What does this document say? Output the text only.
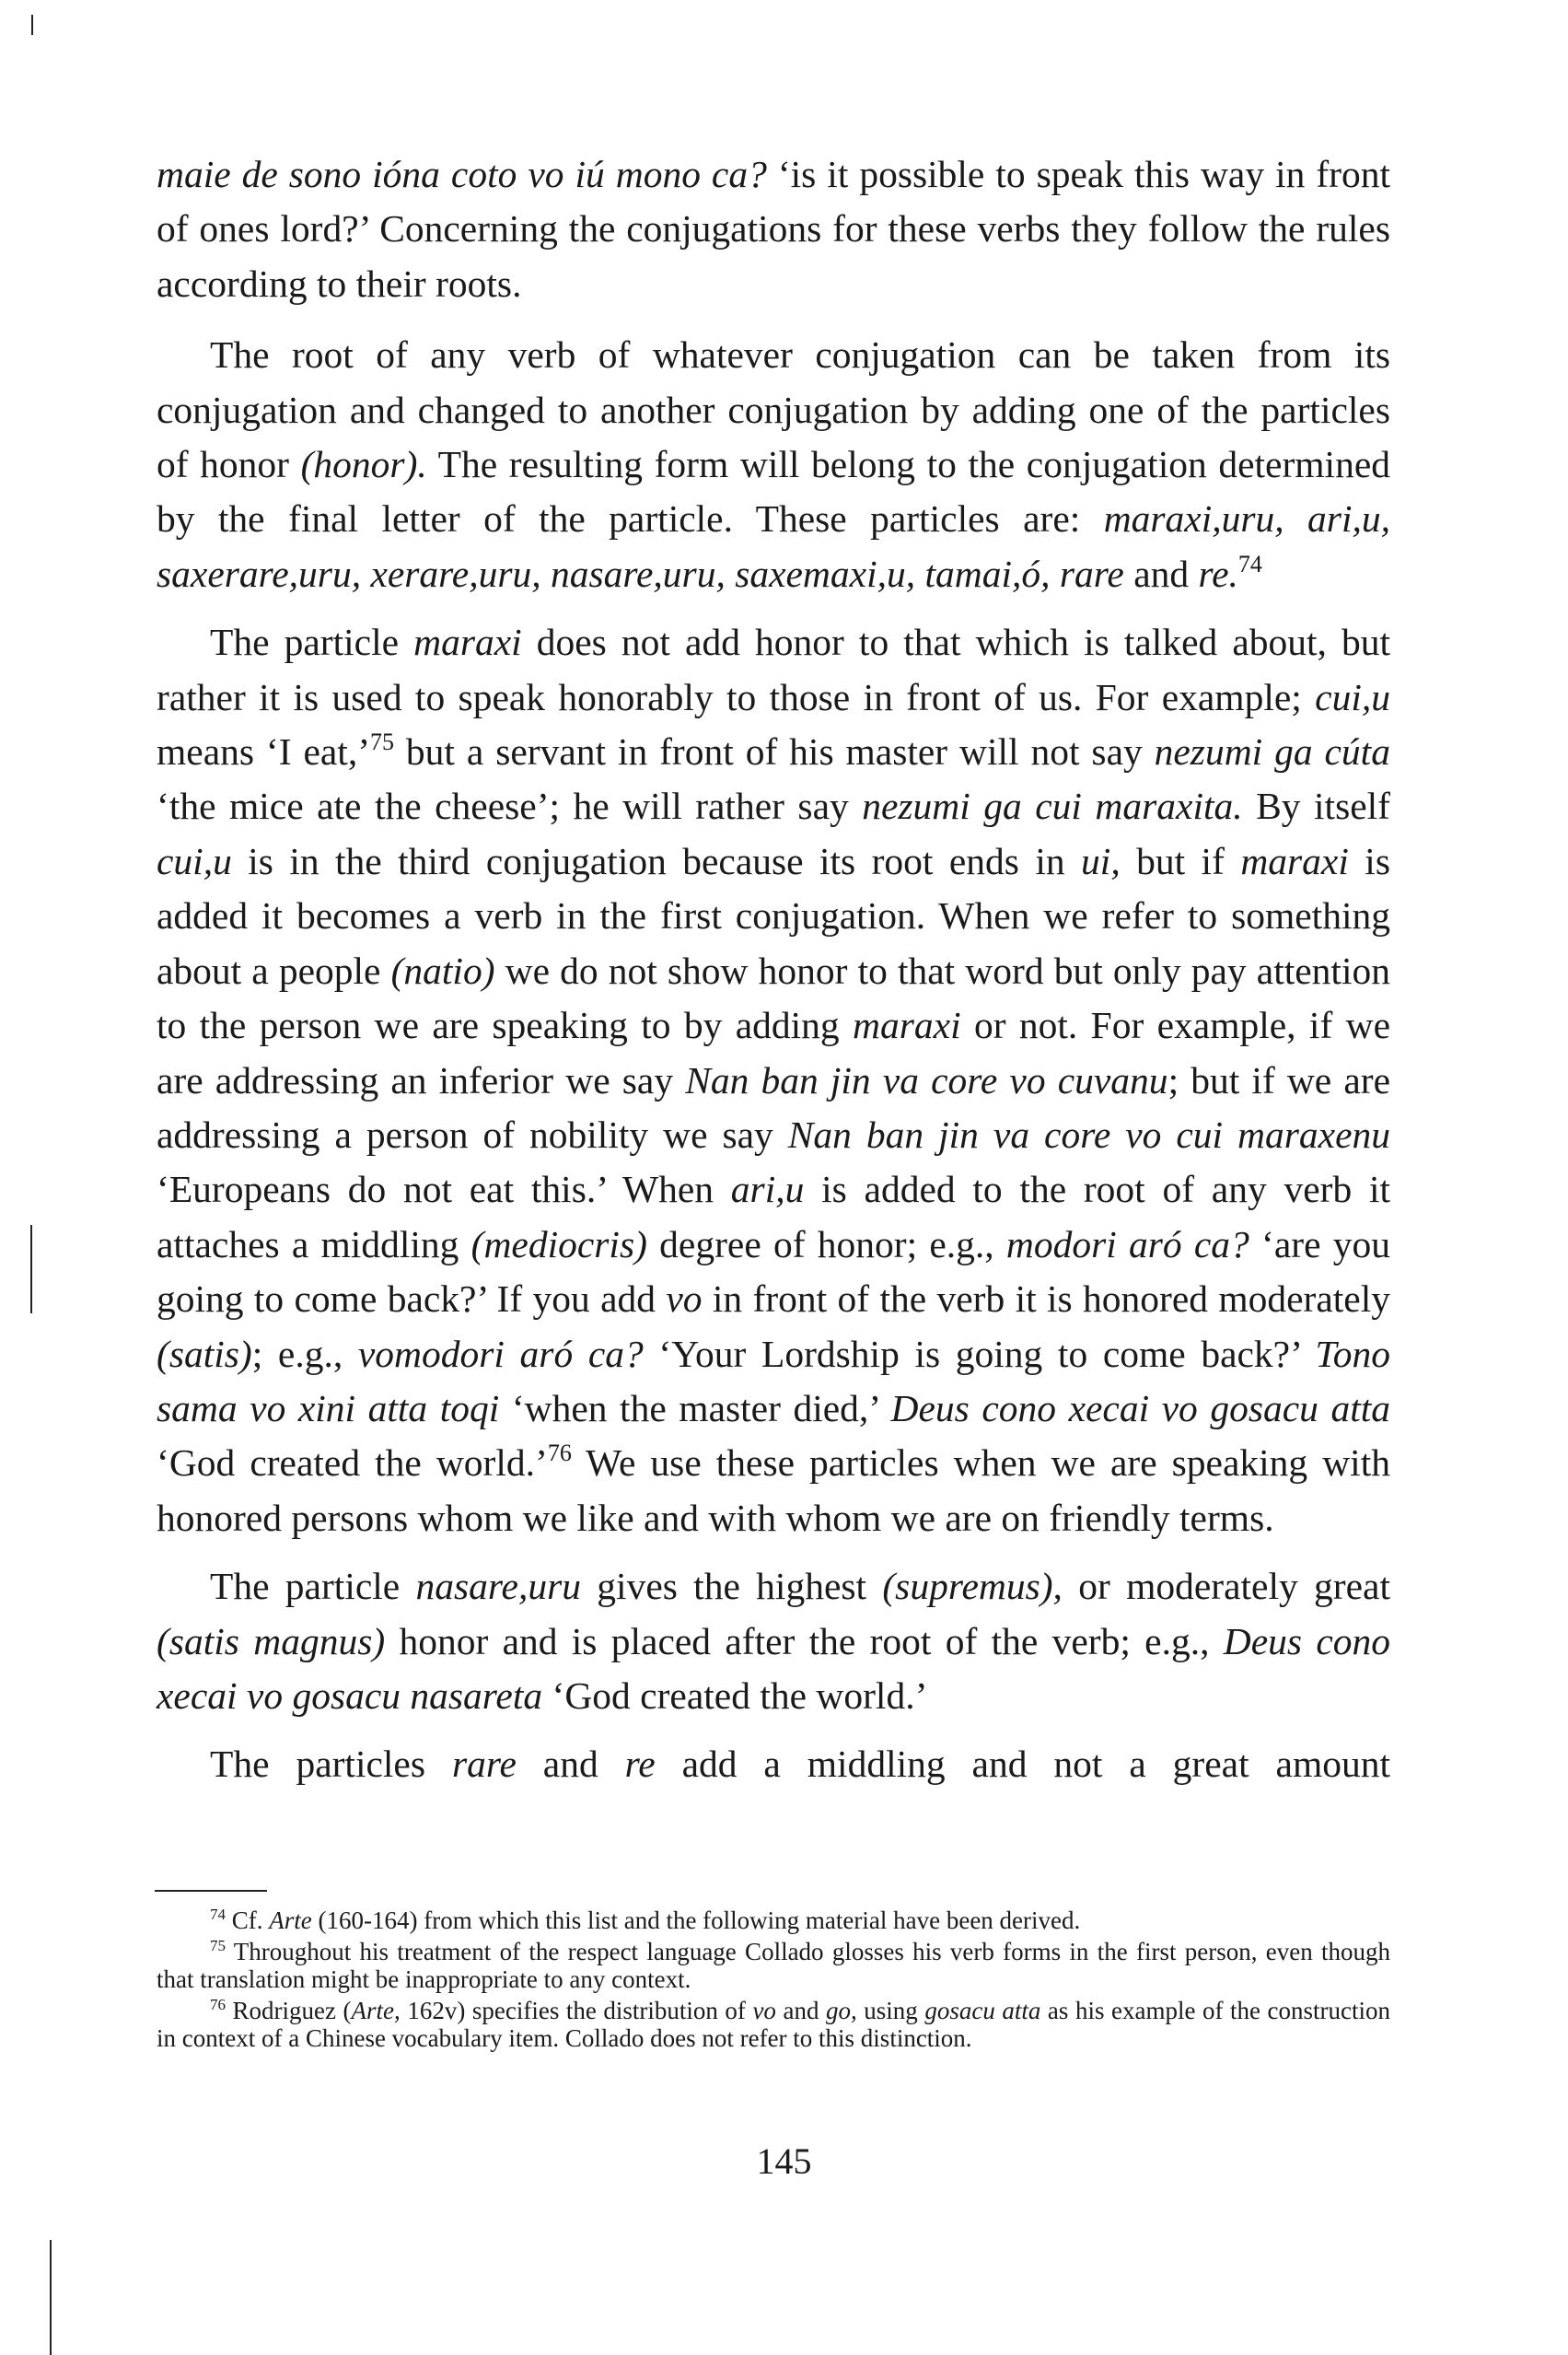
maie de sono ióna coto vo iú mono ca? ‘is it possible to speak this way in front of ones lord?’ Concerning the conjugations for these verbs they follow the rules according to their roots.

The root of any verb of whatever conjugation can be taken from its conjugation and changed to another conjugation by adding one of the particles of honor (honor). The resulting form will belong to the conjugation determined by the final letter of the particle. These particles are: maraxi,uru, ari,u, saxerare,uru, xerare,uru, nasare,uru, saxemaxi,u, tamai,ó, rare and re.$^{74}$

The particle maraxi does not add honor to that which is talked about, but rather it is used to speak honorably to those in front of us. For example; cui,u means ‘I eat,’$^{75}$ but a servant in front of his master will not say nezumi ga cúta ‘the mice ate the cheese’; he will rather say nezumi ga cui maraxita. By itself cui,u is in the third conjugation because its root ends in ui, but if maraxi is added it becomes a verb in the first conjugation. When we refer to something about a people (natio) we do not show honor to that word but only pay attention to the person we are speaking to by adding maraxi or not. For example, if we are addressing an inferior we say Nan ban jin va core vo cuvanu; but if we are addressing a person of nobility we say Nan ban jin va core vo cui maraxenu ‘Europeans do not eat this.’ When ari,u is added to the root of any verb it attaches a middling (mediocris) degree of honor; e.g., modori aró ca? ‘are you going to come back?’ If you add vo in front of the verb it is honored moderately (satis); e.g., vomodori aró ca? ‘Your Lordship is going to come back?’ Tono sama vo xini atta toqi ‘when the master died,’ Deus cono xecai vo gosacu atta ‘God created the world.’$^{76}$ We use these particles when we are speaking with honored persons whom we like and with whom we are on friendly terms.

The particle nasare,uru gives the highest (supremus), or moderately great (satis magnus) honor and is placed after the root of the verb; e.g., Deus cono xecai vo gosacu nasareta ‘God created the world.’

The particles rare and re add a middling and not a great amount

$^{74}$ Cf. Arte (160-164) from which this list and the following material have been derived.

$^{75}$ Throughout his treatment of the respect language Collado glosses his verb forms in the first person, even though that translation might be inappropriate to any context.

$^{76}$ Rodriguez (Arte, 162v) specifies the distribution of vo and go, using gosacu atta as his example of the construction in context of a Chinese vocabulary item. Collado does not refer to this distinction.

145
